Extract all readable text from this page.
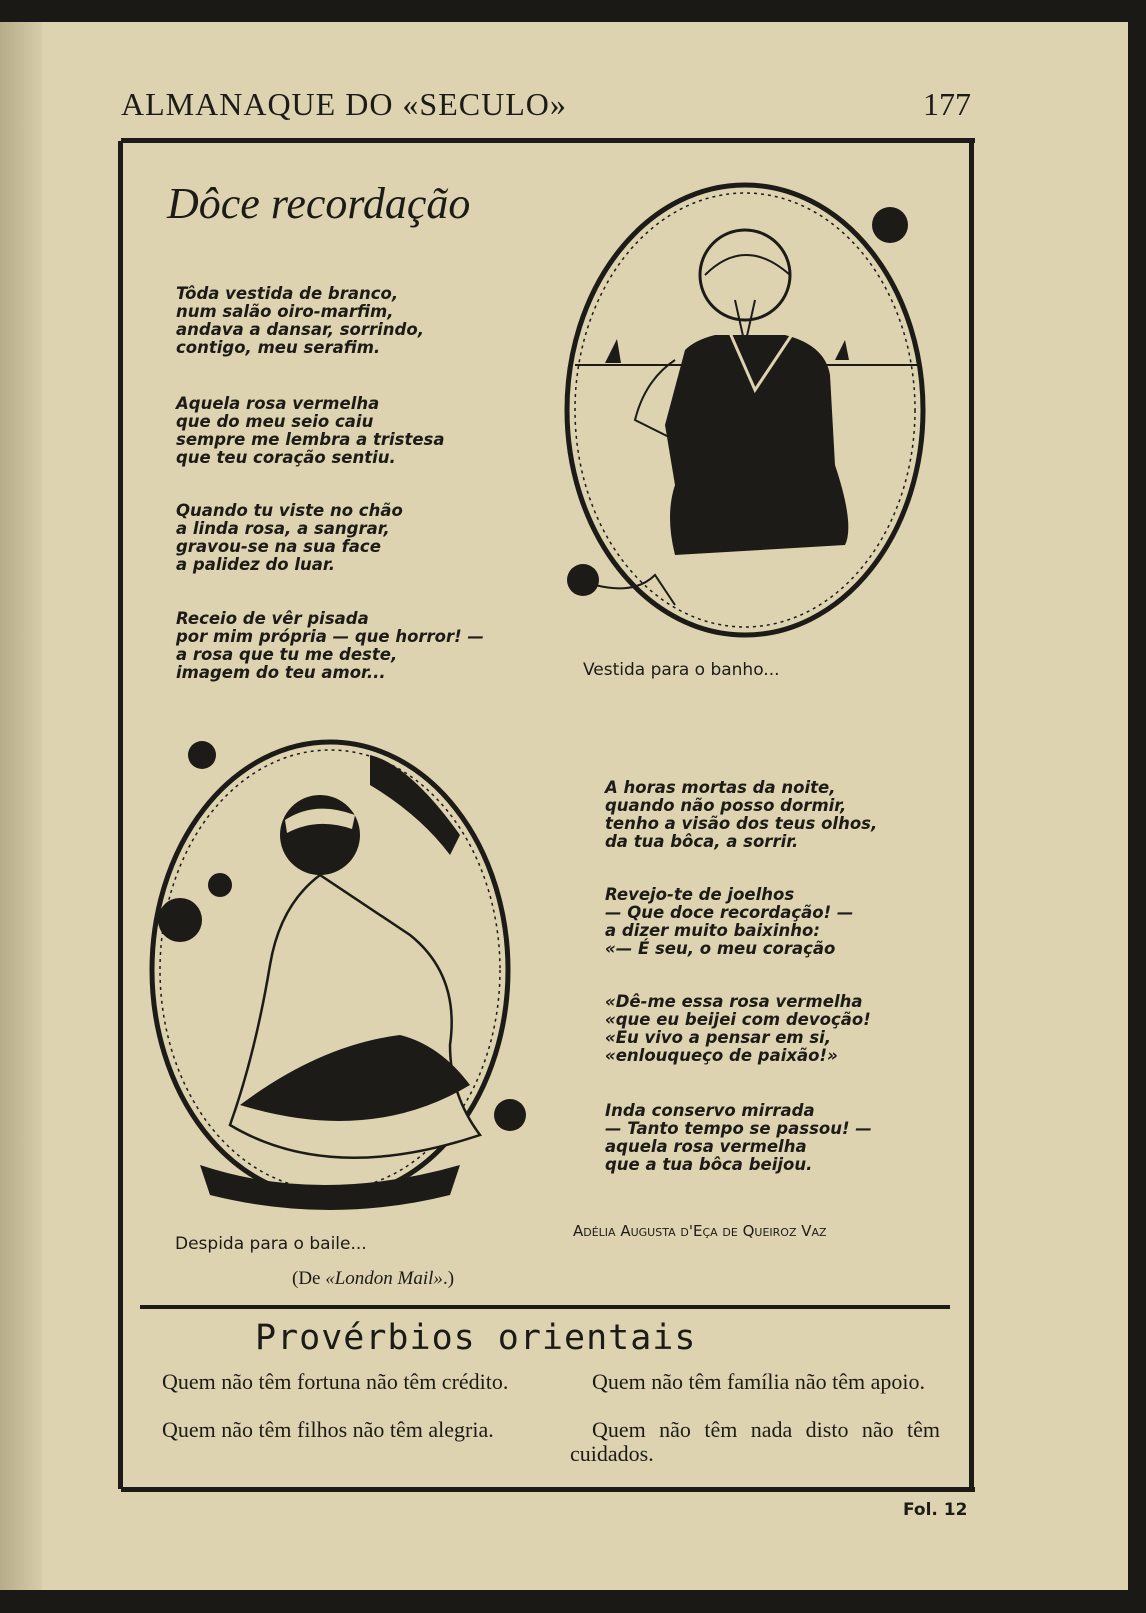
ALMANAQUE DO «SECULO»	177
Dôce recordação

Tôda vestida de branco,
num salão oiro-marfim,
andava a dansar, sorrindo,
contigo, meu serafim.

Aquela rosa vermelha
que do meu seio caiu
sempre me lembra a tristesa
que teu coração sentiu.

Quando tu viste no chão
a linda rosa, a sangrar,
gravou-se na sua face
a palidez do luar.

Receio de vêr pisada
por mim própria — que horror! —
a rosa que tu me deste,
imagem do teu amor...	Vestida para o banho...
Despida para o baile...
(De «London Mail».)

A horas mortas da noite,
quando não posso dormir,
tenho a visão dos teus olhos,
da tua bôca, a sorrir.

Revejo-te de joelhos
— Que doce recordação! —
a dizer muito baixinho:
«— É seu, o meu coração

«Dê-me essa rosa vermelha
«que eu beijei com devoção!
«Eu vivo a pensar em si,
«enlouqueço de paixão!»

Inda conservo mirrada
— Tanto tempo se passou! —
aquela rosa vermelha
que a tua bôca beijou.

Adélia Augusta d'Eça de Queiroz Vaz
Provérbios orientais

Quem não têm fortuna não têm crédito.

Quem não têm filhos não têm alegria.

Quem não têm família não têm apoio.

Quem não têm nada disto não têm cuidados.

Fol. 12
